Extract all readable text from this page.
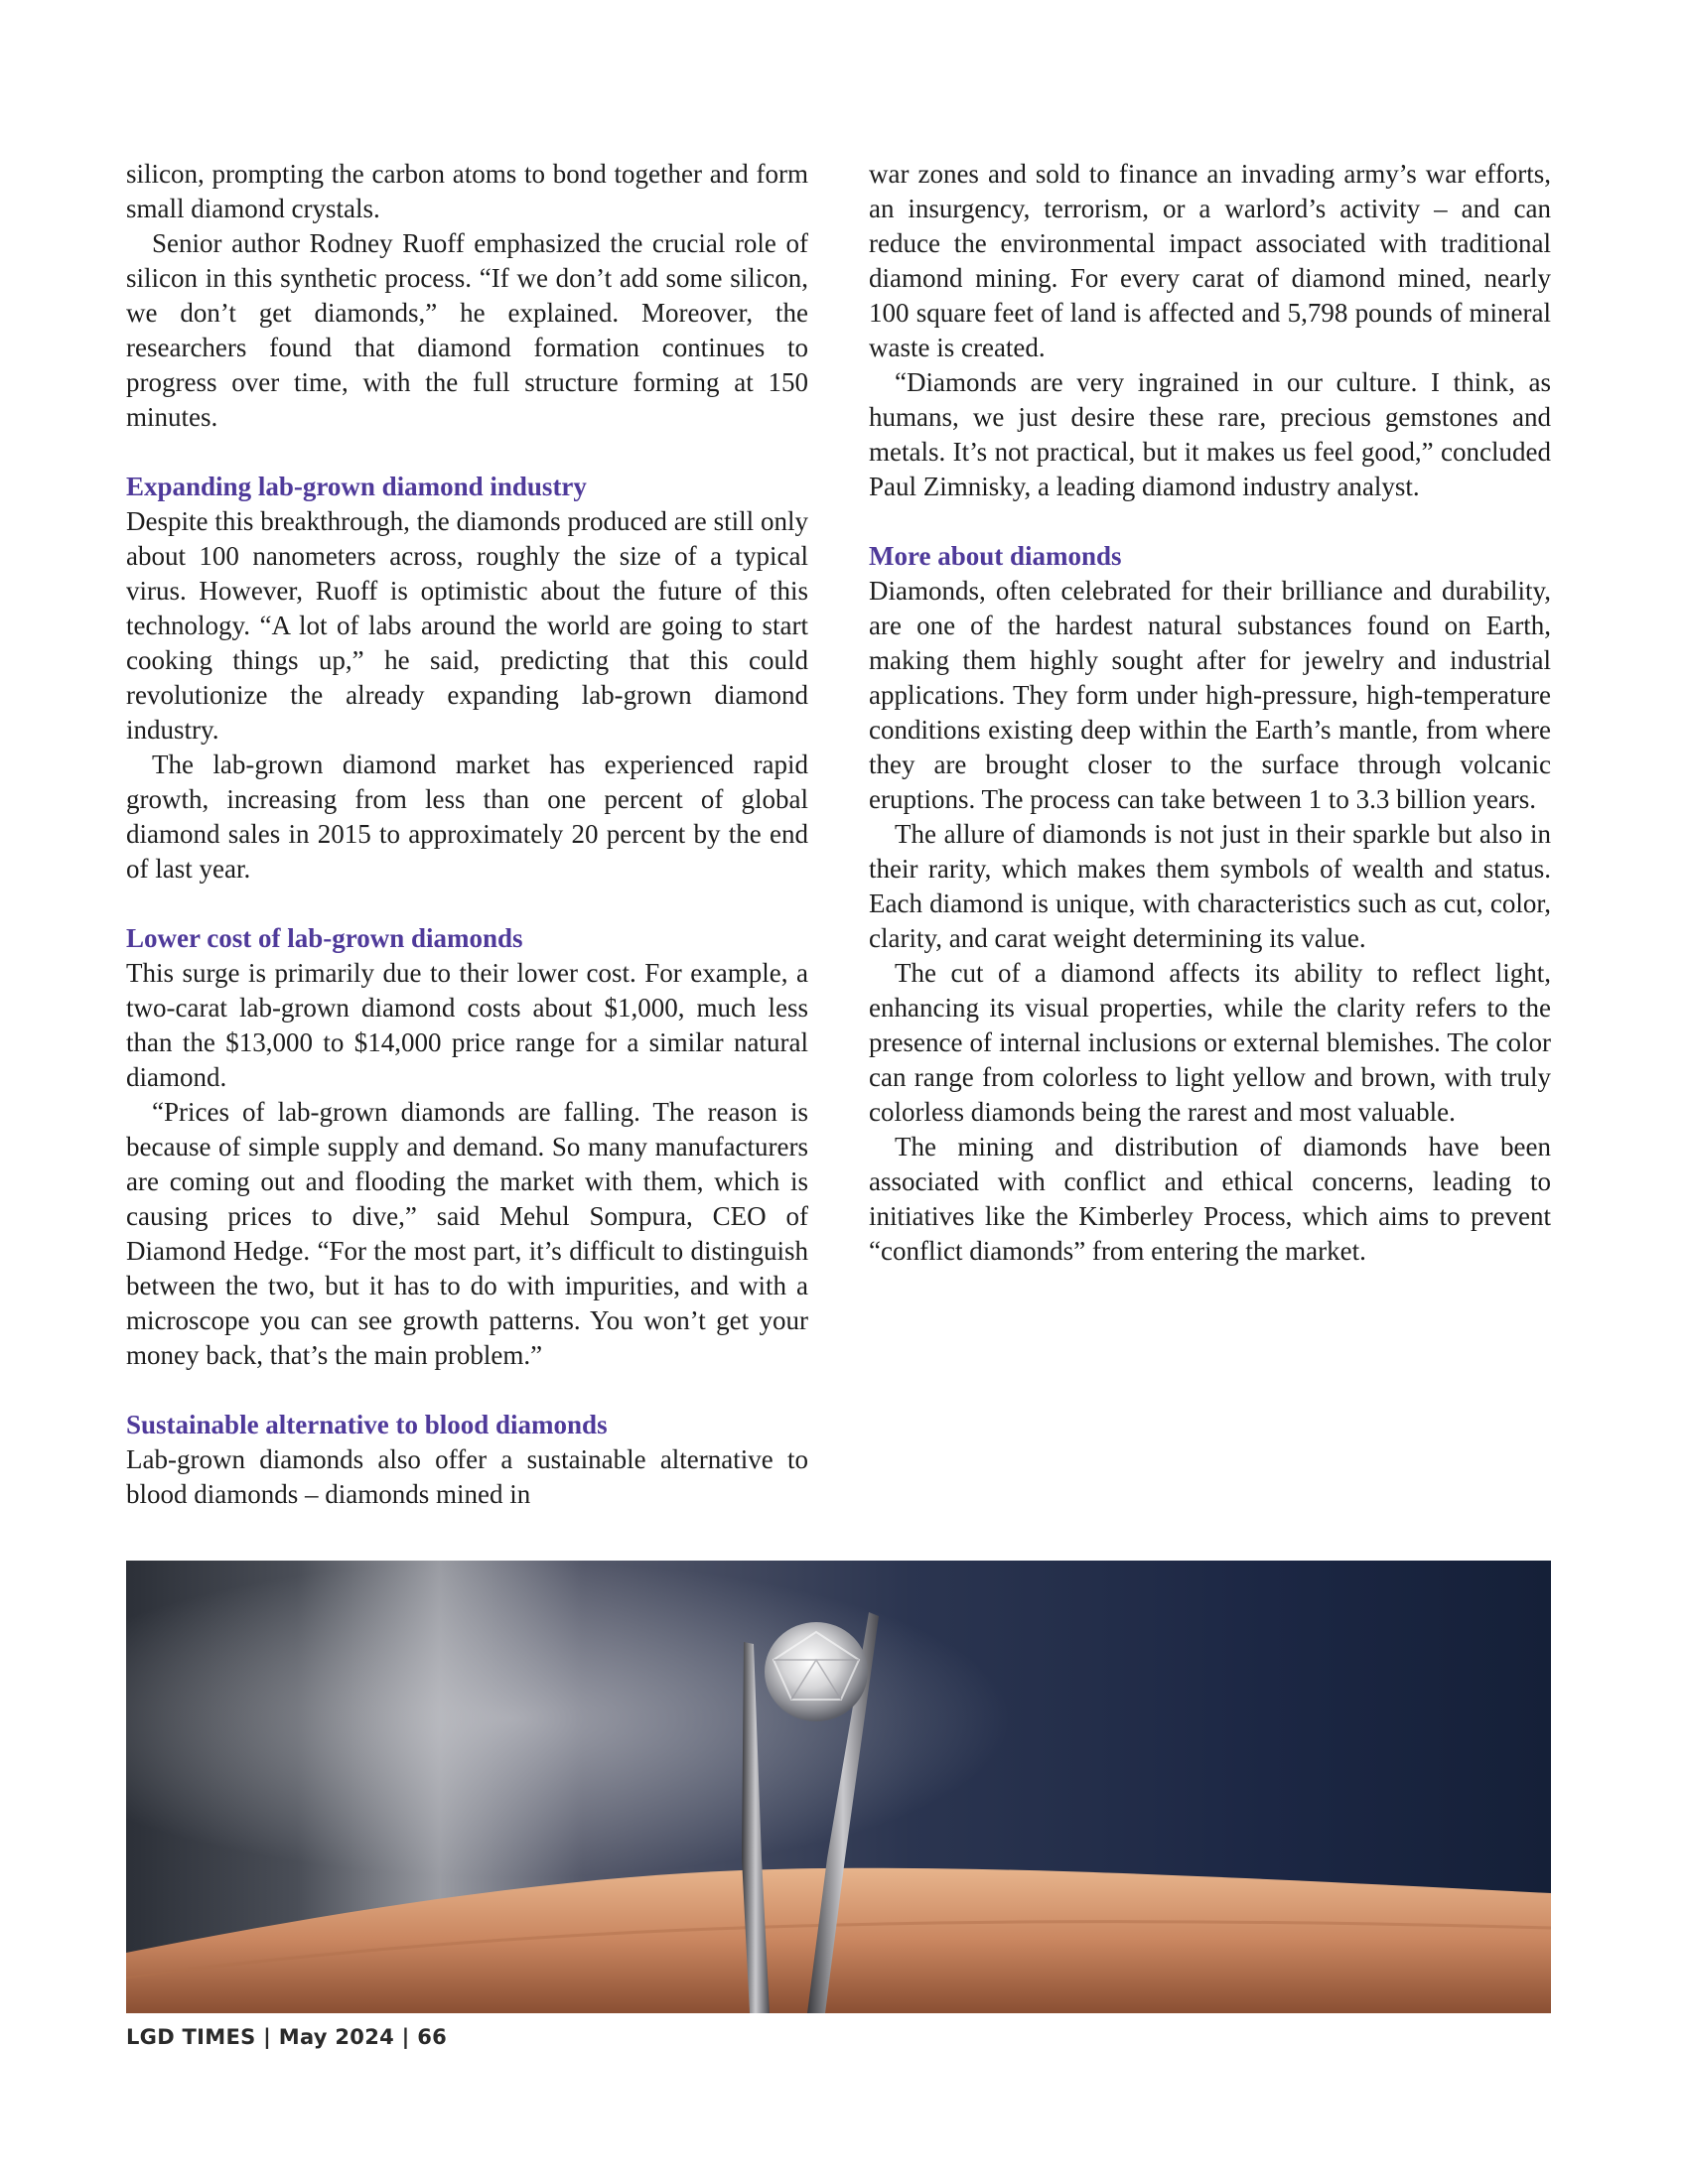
silicon, prompting the carbon atoms to bond together and form small diamond crystals.

Senior author Rodney Ruoff emphasized the crucial role of silicon in this synthetic process. “If we don’t add some silicon, we don’t get diamonds,” he explained. Moreover, the researchers found that diamond formation continues to progress over time, with the full structure forming at 150 minutes.

Expanding lab-grown diamond industry

Despite this breakthrough, the diamonds produced are still only about 100 nanometers across, roughly the size of a typical virus. However, Ruoff is optimistic about the future of this technology. “A lot of labs around the world are going to start cooking things up,” he said, predicting that this could revolutionize the already expanding lab-grown diamond industry.

The lab-grown diamond market has experienced rapid growth, increasing from less than one percent of global diamond sales in 2015 to approximately 20 percent by the end of last year.

Lower cost of lab-grown diamonds

This surge is primarily due to their lower cost. For example, a two-carat lab-grown diamond costs about $1,000, much less than the $13,000 to $14,000 price range for a similar natural diamond.

“Prices of lab-grown diamonds are falling. The reason is because of simple supply and demand. So many manufacturers are coming out and flooding the market with them, which is causing prices to dive,” said Mehul Sompura, CEO of Diamond Hedge. “For the most part, it’s difficult to distinguish between the two, but it has to do with impurities, and with a microscope you can see growth patterns. You won’t get your money back, that’s the main problem.”

Sustainable alternative to blood diamonds

Lab-grown diamonds also offer a sustainable alternative to blood diamonds – diamonds mined in

war zones and sold to finance an invading army’s war efforts, an insurgency, terrorism, or a warlord’s activity – and can reduce the environmental impact associated with traditional diamond mining. For every carat of diamond mined, nearly 100 square feet of land is affected and 5,798 pounds of mineral waste is created.

“Diamonds are very ingrained in our culture. I think, as humans, we just desire these rare, precious gemstones and metals. It’s not practical, but it makes us feel good,” concluded Paul Zimnisky, a leading diamond industry analyst.

More about diamonds

Diamonds, often celebrated for their brilliance and durability, are one of the hardest natural substances found on Earth, making them highly sought after for jewelry and industrial applications. They form under high-pressure, high-temperature conditions existing deep within the Earth’s mantle, from where they are brought closer to the surface through volcanic eruptions. The process can take between 1 to 3.3 billion years.

The allure of diamonds is not just in their sparkle but also in their rarity, which makes them symbols of wealth and status. Each diamond is unique, with characteristics such as cut, color, clarity, and carat weight determining its value.

The cut of a diamond affects its ability to reflect light, enhancing its visual properties, while the clarity refers to the presence of internal inclusions or external blemishes. The color can range from colorless to light yellow and brown, with truly colorless diamonds being the rarest and most valuable.

The mining and distribution of diamonds have been associated with conflict and ethical concerns, leading to initiatives like the Kimberley Process, which aims to prevent “conflict diamonds” from entering the market.

LGD TIMES | May 2024 | 66
